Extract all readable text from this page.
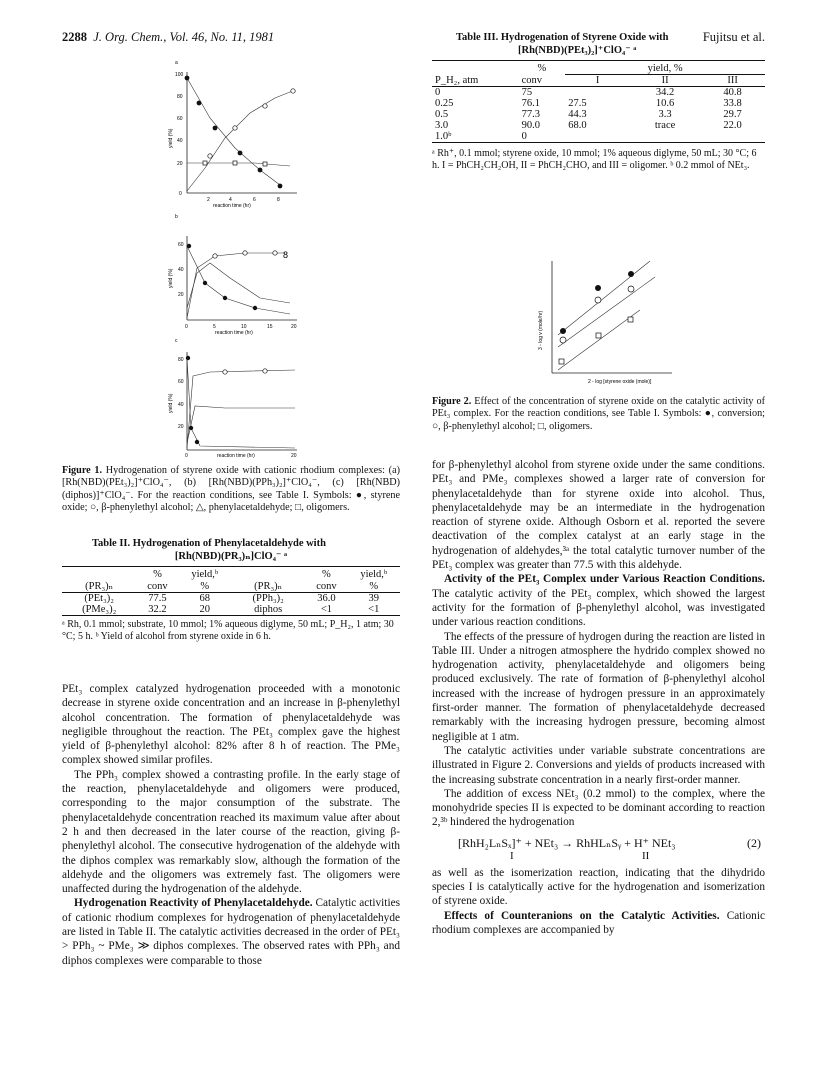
2288 J. Org. Chem., Vol. 46, No. 11, 1981	Fujitsu et al.
a
100
80
60
40
20
0
yield (%)
2	4	6	8
reaction time (hr)
b
8
60
40
20
yield (%)
0	5	10	15	20
reaction time (hr)
c
80
60
40
20
yield (%)
0	20
reaction time (hr)
Figure 1. Hydrogenation of styrene oxide with cationic rhodium complexes: (a) [Rh(NBD)(PEt₃)₂]⁺ClO₄⁻, (b) [Rh(NBD)(PPh₃)₂]⁺ClO₄⁻, (c) [Rh(NBD)(diphos)]⁺ClO₄⁻. For the reaction conditions, see Table I. Symbols: ●, styrene oxide; ○, β-phenylethyl alcohol; △, phenylacetaldehyde; □, oligomers.
Table II. Hydrogenation of Phenylacetaldehyde with
[Rh(NBD)(PR₃)ₙ]ClO₄⁻ ᵃ
	%	yield,ᵇ		%	yield,ᵇ
(PR₃)ₙ	conv	%	(PR₃)ₙ	conv	%
(PEt₃)₂	77.5	68	(PPh₃)₂	36.0	39
(PMe₃)₂	32.2	20	diphos	<1	<1
ᵃ Rh, 0.1 mmol; substrate, 10 mmol; 1% aqueous diglyme, 50 mL; P_H₂, 1 atm; 30 °C; 5 h. ᵇ Yield of alcohol from styrene oxide in 6 h.

PEt₃ complex catalyzed hydrogenation proceeded with a monotonic decrease in styrene oxide concentration and an increase in β-phenylethyl alcohol concentration. The formation of phenylacetaldehyde was negligible throughout the reaction. The PEt₃ complex gave the highest yield of β-phenylethyl alcohol: 82% after 8 h of reaction. The PMe₃ complex showed similar profiles.

The PPh₃ complex showed a contrasting profile. In the early stage of the reaction, phenylacetaldehyde and oligomers were produced, corresponding to the major consumption of the substrate. The phenylacetaldehyde concentration reached its maximum value after about 2 h and then decreased in the later course of the reaction, giving β-phenylethyl alcohol. The consecutive hydrogenation of the aldehyde with the diphos complex was remarkably slow, although the formation of the aldehyde and the oligomers was extremely fast. The oligomers were unaffected during the hydrogenation of the aldehyde.

Hydrogenation Reactivity of Phenylacetaldehyde. Catalytic activities of cationic rhodium complexes for hydrogenation of phenylacetaldehyde are listed in Table II. The catalytic activities decreased in the order of PEt₃ > PPh₃ ~ PMe₃ ≫ diphos complexes. The observed rates with PPh₃ and diphos complexes were comparable to those

Table III. Hydrogenation of Styrene Oxide with
[Rh(NBD)(PEt₃)₂]⁺ClO₄⁻ ᵃ
	%	yield, %		
P_H₂, atm	conv	I	II	III
0	75		34.2	40.8
0.25	76.1	27.5	10.6	33.8
0.5	77.3	44.3	3.3	29.7
3.0	90.0	68.0	trace	22.0
1.0ᵇ	0			
ᵃ Rh⁺, 0.1 mmol; styrene oxide, 10 mmol; 1% aqueous diglyme, 50 mL; 30 °C; 6 h. I = PhCH₂CH₂OH, II = PhCH₂CHO, and III = oligomer. ᵇ 0.2 mmol of NEt₃.
3 - log v (mole/hr)
2 - log [styrene oxide (mole)]
Figure 2. Effect of the concentration of styrene oxide on the catalytic activity of PEt₃ complex. For the reaction conditions, see Table I. Symbols: ●, conversion; ○, β-phenylethyl alcohol; □, oligomers.

for β-phenylethyl alcohol from styrene oxide under the same conditions. PEt₃ and PMe₃ complexes showed a larger rate of conversion for phenylacetaldehyde than for styrene oxide into alcohol. Thus, phenylacetaldehyde may be an intermediate in the hydrogenation reaction of styrene oxide. Although Osborn et al. reported the severe deactivation of the complex catalyst at an early stage in the hydrogenation of aldehydes,³ᵃ the total catalytic turnover number of the PEt₃ complex was greater than 77.5 with this aldehyde.

Activity of the PEt₃ Complex under Various Reaction Conditions. The catalytic activity of the PEt₃ complex, which showed the largest activity for the formation of β-phenylethyl alcohol, was investigated under various reaction conditions.

The effects of the pressure of hydrogen during the reaction are listed in Table III. Under a nitrogen atmosphere the hydrido complex showed no hydrogenation activity, phenylacetaldehyde and oligomers being produced exclusively. The rate of formation of β-phenylethyl alcohol increased with the increase of hydrogen pressure in an approximately first-order manner. The formation of phenylacetaldehyde decreased remarkably with the increasing hydrogen pressure, becoming almost negligible at 1 atm.

The catalytic activities under variable substrate concentrations are illustrated in Figure 2. Conversions and yields of products increased with the increasing substrate concentration in a nearly first-order manner.

The addition of excess NEt₃ (0.2 mmol) to the complex, where the monohydride species II is expected to be dominant according to reaction 2,³ᵇ hindered the hydrogenation

[RhH₂LₙSₓ]⁺ + NEt₃ → RhHLₙSᵧ + H⁺ NEt₃	(2)
I	II

as well as the isomerization reaction, indicating that the dihydrido species I is catalytically active for the hydrogenation and isomerization of styrene oxide.

Effects of Counteranions on the Catalytic Activities. Cationic rhodium complexes are accompanied by
